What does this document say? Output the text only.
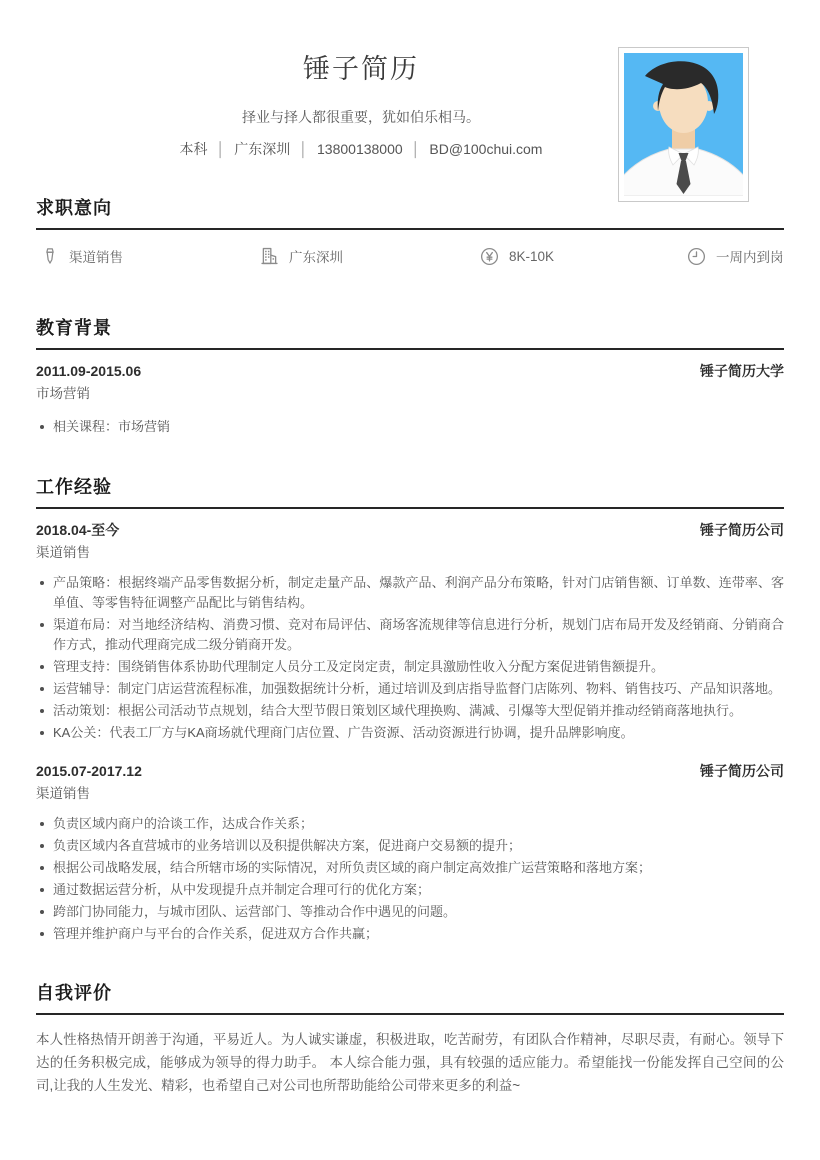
锤子简历
择业与择人都很重要，犹如伯乐相马。
本科 │ 广东深圳 │ 13800138000 │ BD@100chui.com
求职意向
渠道销售	广东深圳	8K-10K	一周内到岗
教育背景
2011.09-2015.06	锤子简历大学
市场营销
相关课程：市场营销
工作经验
2018.04-至今	锤子简历公司
渠道销售
产品策略：根据终端产品零售数据分析，制定走量产品、爆款产品、利润产品分布策略，针对门店销售额、订单数、连带率、客单值、等零售特征调整产品配比与销售结构。
渠道布局：对当地经济结构、消费习惯、竞对布局评估、商场客流规律等信息进行分析，规划门店布局开发及经销商、分销商合作方式，推动代理商完成二级分销商开发。
管理支持：围绕销售体系协助代理制定人员分工及定岗定责，制定具激励性收入分配方案促进销售额提升。
运营辅导：制定门店运营流程标准，加强数据统计分析，通过培训及到店指导监督门店陈列、物料、销售技巧、产品知识落地。
活动策划：根据公司活动节点规划，结合大型节假日策划区域代理换购、满减、引爆等大型促销并推动经销商落地执行。
KA公关：代表工厂方与KA商场就代理商门店位置、广告资源、活动资源进行协调，提升品牌影响度。
2015.07-2017.12	锤子简历公司
渠道销售
负责区域内商户的洽谈工作，达成合作关系；
负责区域内各直营城市的业务培训以及积提供解决方案，促进商户交易额的提升；
根据公司战略发展，结合所辖市场的实际情况，对所负责区域的商户制定高效推广运营策略和落地方案；
通过数据运营分析，从中发现提升点并制定合理可行的优化方案；
跨部门协同能力，与城市团队、运营部门、等推动合作中遇见的问题。
管理并维护商户与平台的合作关系，促进双方合作共赢；
自我评价

本人性格热情开朗善于沟通，平易近人。为人诚实谦虚，积极进取，吃苦耐劳，有团队合作精神，尽职尽责，有耐心。领导下达的任务积极完成，能够成为领导的得力助手。 本人综合能力强，具有较强的适应能力。希望能找一份能发挥自己空间的公司,让我的人生发光、精彩，也希望自己对公司也所帮助能给公司带来更多的利益~
